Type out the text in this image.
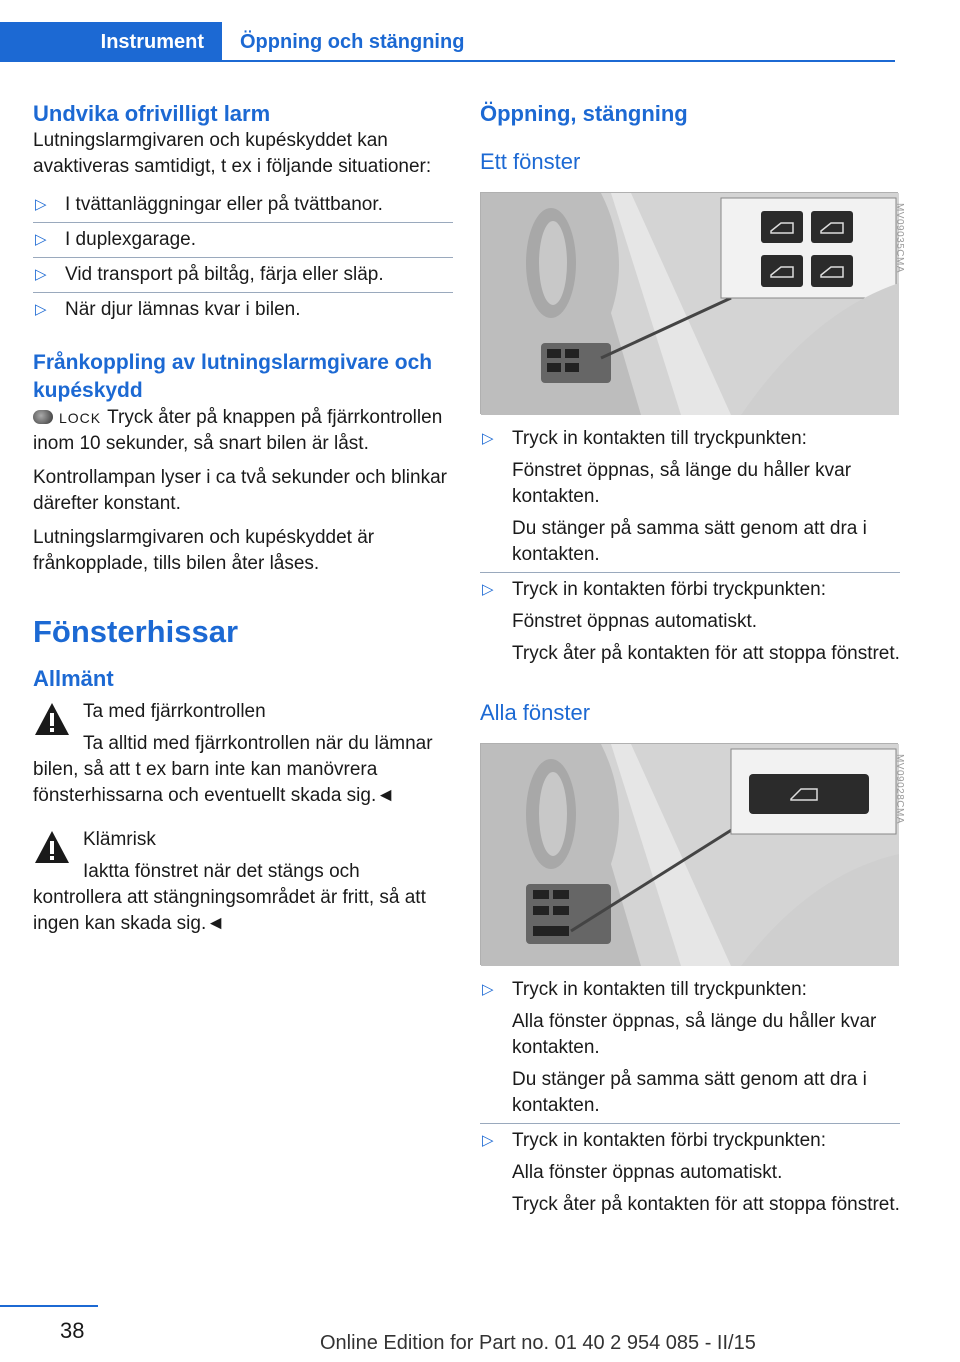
Instrument Öppning och stängning
Undvika ofrivilligt larm

Lutningslarmgivaren och kupéskyddet kan avaktiveras samtidigt, t ex i följande situationer:

▷ I tvättanläggningar eller på tvättbanor.
▷ I duplexgarage.
▷ Vid transport på biltåg, färja eller släp.
▷ När djur lämnas kvar i bilen.
Frånkoppling av lutningslarmgivare och kupéskydd

LOCK Tryck åter på knappen på fjärrkontrollen inom 10 sekunder, så snart bilen är låst.

Kontrollampan lyser i ca två sekunder och blinkar därefter konstant.

Lutningslarmgivaren och kupéskyddet är frånkopplade, tills bilen åter låses.

Fönsterhissar
Allmänt
Ta med fjärrkontrollen

Ta alltid med fjärrkontrollen när du lämnar bilen, så att t ex barn inte kan manövrera fönsterhissarna och eventuellt skada sig.◄

Klämrisk

Iaktta fönstret när det stängs och kontrollera att stängningsområdet är fritt, så att ingen kan skada sig.◄

Öppning, stängning
Ett fönster
MV09035CMA
▷ Tryck in kontakten till tryckpunkten:
Fönstret öppnas, så länge du håller kvar kontakten.
Du stänger på samma sätt genom att dra i kontakten.
▷ Tryck in kontakten förbi tryckpunkten:
Fönstret öppnas automatiskt.
Tryck åter på kontakten för att stoppa fönstret.
Alla fönster
MV09028CMA
▷ Tryck in kontakten till tryckpunkten:
Alla fönster öppnas, så länge du håller kvar kontakten.
Du stänger på samma sätt genom att dra i kontakten.
▷ Tryck in kontakten förbi tryckpunkten:
Alla fönster öppnas automatiskt.
Tryck åter på kontakten för att stoppa fönstret.
38	Online Edition for Part no. 01 40 2 954 085 - II/15
